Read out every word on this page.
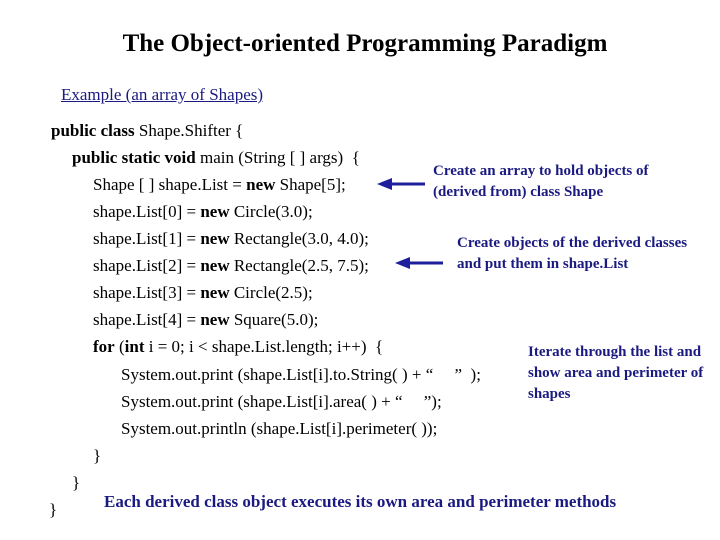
The Object-oriented Programming Paradigm
Example (an array of Shapes)
public class Shape.Shifter {
public static void main (String [ ] args)  {
Shape [ ] shape.List = new Shape[5];
shape.List[0] = new Circle(3.0);
shape.List[1] = new Rectangle(3.0, 4.0);
shape.List[2] = new Rectangle(2.5, 7.5);
shape.List[3] = new Circle(2.5);
shape.List[4] = new Square(5.0);
for (int i = 0; i < shape.List.length; i++)  {
System.out.print (shape.List[i].to.String( ) + “     ”  );
System.out.print (shape.List[i].area( ) + “     ”);
System.out.println (shape.List[i].perimeter( ));
}
}
}
Create an array to hold objects of (derived from) class Shape
Create objects of the derived classes and put them in shape.List
Iterate through the list and show area and perimeter of shapes
Each derived class object executes its own area and perimeter methods
